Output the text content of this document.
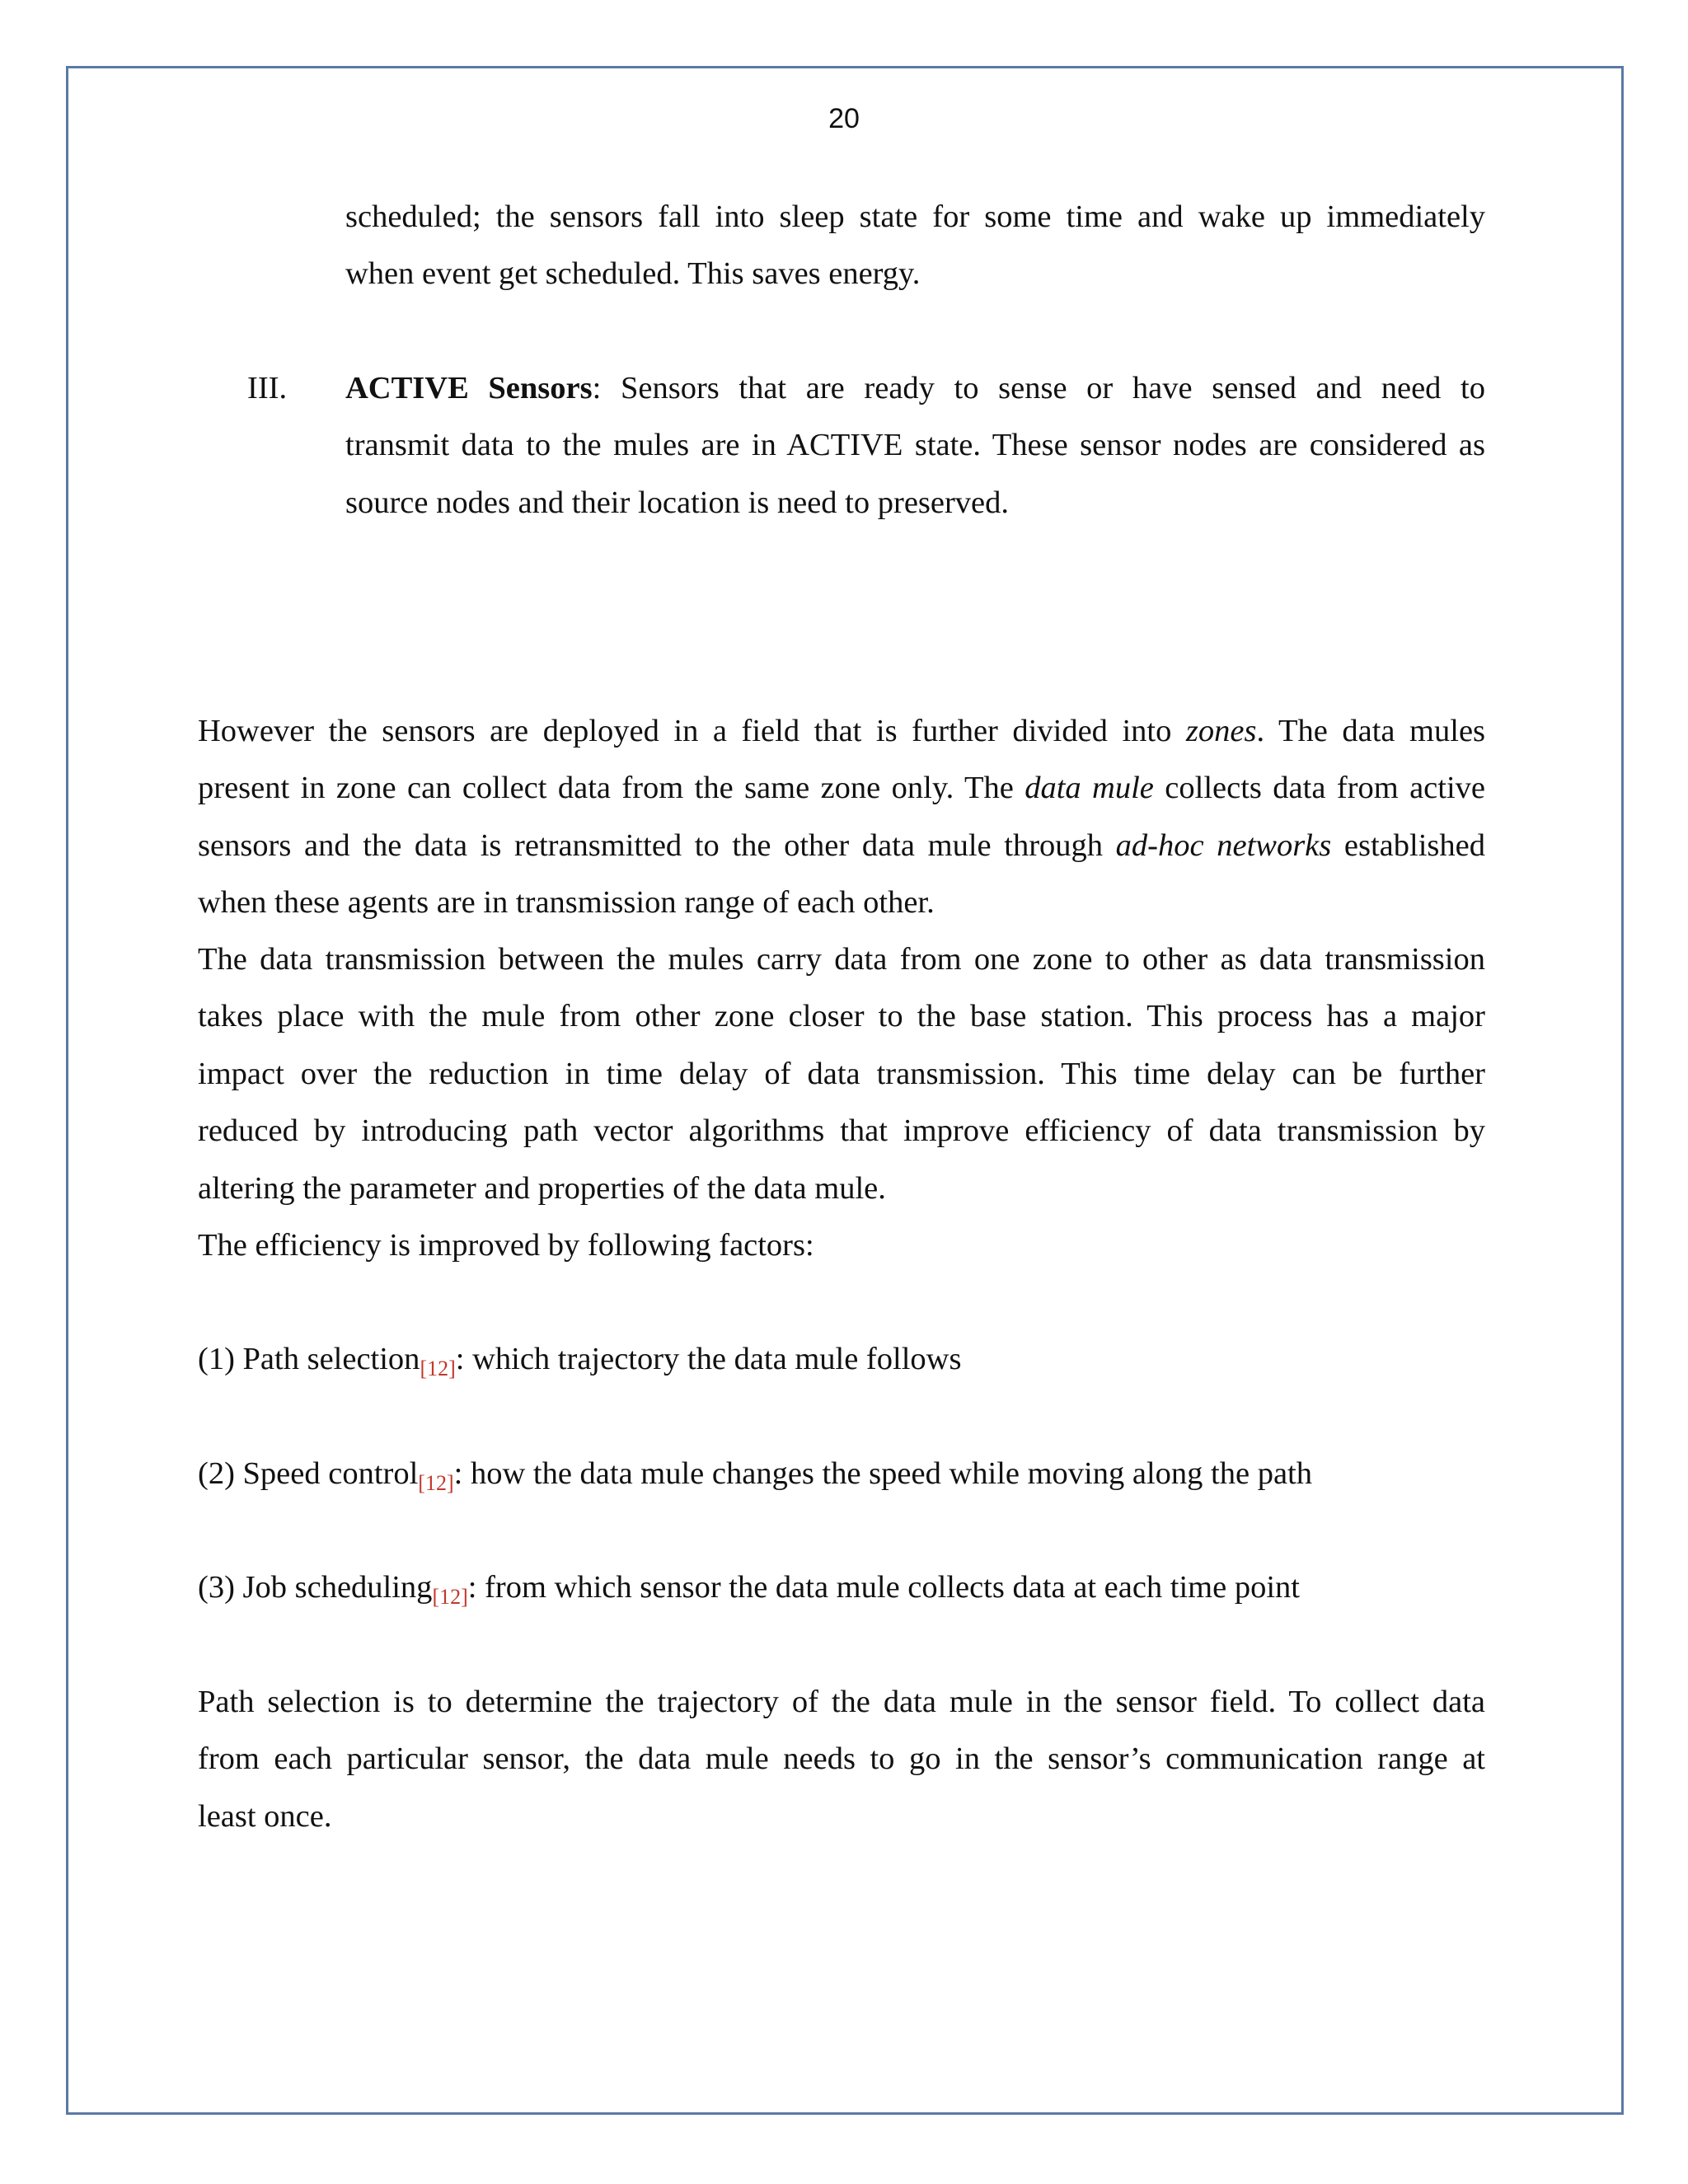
20
scheduled; the sensors fall into sleep state for some time and wake up immediately
when event get scheduled. This saves energy.
III. ACTIVE Sensors: Sensors that are ready to sense or have sensed and need to
transmit data to the mules are in ACTIVE state. These sensor nodes are considered as
source nodes and their location is need to preserved.
However the sensors are deployed in a field that is further divided into zones. The data mules
present in zone can collect data from the same zone only. The data mule collects data from active
sensors and the data is retransmitted to the other data mule through ad-hoc networks established
when these agents are in transmission range of each other.
The data transmission between the mules carry data from one zone to other as data transmission
takes place with the mule from other zone closer to the base station. This process has a major
impact over the reduction in time delay of data transmission. This time delay can be further
reduced by introducing path vector algorithms that improve efficiency of data transmission by
altering the parameter and properties of the data mule.
The efficiency is improved by following factors:
(1) Path selection$_{[12]}$: which trajectory the data mule follows
(2) Speed control$_{[12]}$: how the data mule changes the speed while moving along the path
(3) Job scheduling$_{[12]}$: from which sensor the data mule collects data at each time point
Path selection is to determine the trajectory of the data mule in the sensor field. To collect data
from each particular sensor, the data mule needs to go in the sensor’s communication range at
least once.
